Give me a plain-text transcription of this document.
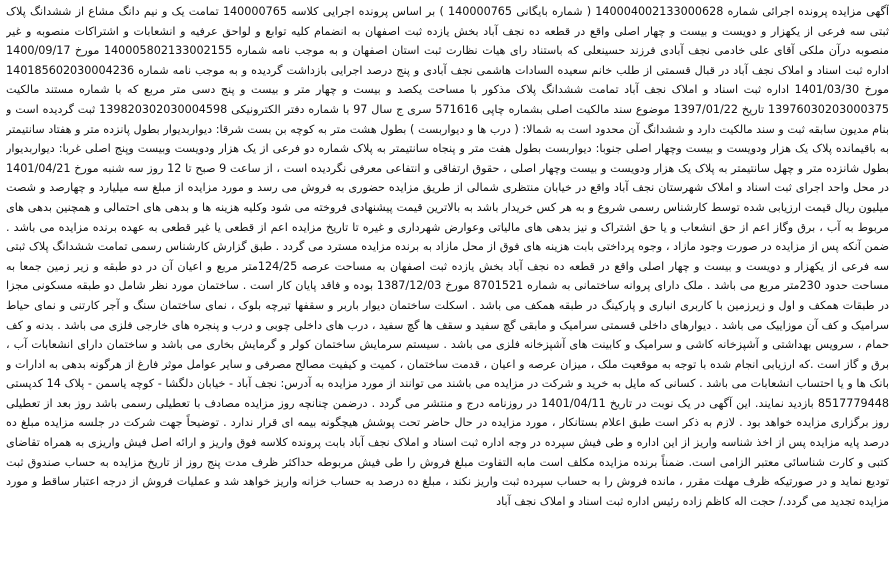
آگهی مزایده پرونده اجرائی شماره 140004002133000628 ( شماره بایگانی 140000765 ) بر اساس پرونده اجرایی کلاسه 140000765 تمامت یک و نیم دانگ مشاع از ششدانگ پلاک ثبتی سه فرعی از یکهزار و دویست و بیست و چهار اصلی واقع در قطعه ده نجف آباد بخش یازده ثبت اصفهان به انضمام کلیه توابع و لواحق عرفیه و انشعابات و اشتراکات منصوبه و غیر منصوبه درآن ملکی آقای علی خادمی نجف آبادی فرزند حسینعلی که باستناد رای هیات نظارت ثبت استان اصفهان و به موجب نامه شماره 140005802133002155 مورخ 1400/09/17 اداره ثبت اسناد و املاک نجف آباد در قبال قسمتی از طلب خانم سعیده السادات هاشمی نجف آبادی و پنج درصد اجرایی بازداشت گردیده و به موجب نامه شماره 140185602030004236 مورخ 1401/03/30 اداره ثبت اسناد و املاک نجف آباد تمامت ششدانگ پلاک مذکور با مساحت یکصد و بیست و چهار متر و بیست و پنج دسی متر مربع که با شماره مستند مالکیت 13976030203000375 تاریخ 1397/01/22 موضوع سند مالکیت اصلی بشماره چاپی 571616 سری ج سال 97 با شماره دفتر الکترونیکی 139820302030004598 ثبت گردیده است و بنام مدیون سابقه ثبت و سند مالکیت دارد و ششدانگ آن محدود است به شمالا: ( درب ها و دیواربست ) بطول هشت متر به کوچه بن بست شرقا: دیواربدیوار بطول پانزده متر و هفتاد سانتیمتر به باقیمانده پلاک یک هزار ودویست و بیست وچهار اصلی جنوبا: دیواربست بطول هفت متر و پنجاه سانتیمتر به پلاک شماره دو فرعی از یک هزار ودویست وبیست وپنج اصلی غربا: دیواربدیوار بطول شانزده متر و چهل سانتیمتر به پلاک یک هزار ودویست و بیست وچهار اصلی ، حقوق ارتفاقی و انتفاعی معرفی نگردیده است ، از ساعت 9 صبح تا 12 روز سه شنبه مورخ 1401/04/21 در محل واحد اجرای ثبت اسناد و املاک شهرستان نجف آباد واقع در خیابان منتظری شمالی از طریق مزایده حضوری به فروش می رسد و مورد مزایده از مبلغ سه میلیارد و چهارصد و شصت میلیون ریال قیمت ارزیابی شده توسط کارشناس رسمی شروع و به هر کس خریدار باشد به بالاترین قیمت پیشنهادی فروخته می شود وکلیه هزینه ها و بدهی های احتمالی و همچنین بدهی های مربوط به آب ، برق وگاز اعم از حق انشعاب و یا حق اشتراک و نیز بدهی های مالیاتی وعوارض شهرداری و غیره تا تاریخ مزایده اعم از قطعی یا غیر قطعی به عهده برنده مزایده می باشد . ضمن آنکه پس از مزایده در صورت وجود مازاد ، وجوه پرداختی بابت هزینه های فوق از محل مازاد به برنده مزایده مسترد می گردد . طبق گزارش کارشناس رسمی تمامت ششدانگ پلاک ثبتی سه فرعی از یکهزار و دویست و بیست و چهار اصلی واقع در قطعه ده نجف آباد بخش یازده ثبت اصفهان به مساحت عرصه 124/25متر مربع و اعیان آن در دو طبقه و زیر زمین جمعا به مساحت حدود 230متر مربع می باشد . ملک دارای پروانه ساختمانی به شماره 8701521 مورخ 1387/12/03 بوده و فاقد پایان کار است . ساختمان مورد نظر شامل دو طبقه مسکونی مجزا در طبقات همکف و اول و زیرزمین با کاربری انباری و پارکینگ در طبقه همکف می باشد . اسکلت ساختمان دیوار باربر و سقفها تیرچه بلوک ، نمای ساختمان سنگ و آجر کارتنی و نمای حیاط سرامیک و کف آن موزاییک می باشد . دیوارهای داخلی قسمتی سرامیک و مابقی گچ سفید و سقف ها گچ سفید ، درب های داخلی چوبی و درب و پنجره های خارجی فلزی می باشد . بدنه و کف حمام ، سرویس بهداشتی و آشپزخانه کاشی و سرامیک و کابینت های آشپزخانه فلزی می باشد . سیستم سرمایش ساختمان کولر و گرمایش بخاری می باشد و ساختمان دارای انشعابات آب ، برق و گاز است .که ارزیابی انجام شده با توجه به موقعیت ملک ، میزان عرصه و اعیان ، قدمت ساختمان ، کمیت و کیفیت مصالح مصرفی و سایر عوامل موثر فارغ از هرگونه بدهی به ادارات و بانک ها و یا احتساب انشعابات می باشد . کسانی که مایل به خرید و شرکت در مزایده می باشند می توانند از مورد مزایده به آدرس: نجف آباد - خیابان دلگشا - کوچه یاسمن - پلاک 14 کدپستی 8517779448 بازدید نمایند. این آگهی در یک نوبت در تاریخ 1401/04/11 در روزنامه درج و منتشر می گردد . درضمن چنانچه روز مزایده مصادف با تعطیلی رسمی باشد روز بعد از تعطیلی روز برگزاری مزایده خواهد بود . لازم به ذکر است طبق اعلام بستانکار ، مورد مزایده در حال حاضر تحت پوشش هیچگونه بیمه ای قرار ندارد . توضیحاً جهت شرکت در جلسه مزایده مبلغ ده درصد پایه مزایده پس از اخذ شناسه واریز از این اداره و طی فیش سپرده در وجه اداره ثبت اسناد و املاک نجف آباد بابت پرونده کلاسه فوق واریز و ارائه اصل فیش واریزی به همراه تقاضای کتبی و کارت شناسائی معتبر الزامی است. ضمناً برنده مزایده مکلف است مابه التفاوت مبلغ فروش را طی فیش مربوطه حداکثر ظرف مدت پنج روز از تاریخ مزایده به حساب صندوق ثبت تودیع نماید و در صورتیکه ظرف مهلت مقرر ، مانده فروش را به حساب سپرده ثبت واریز نکند ، مبلغ ده درصد به حساب خزانه واریز خواهد شد و عملیات فروش از درجه اعتبار ساقط و مورد مزایده تجدید می گردد./ حجت اله کاظم زاده رئیس اداره ثبت اسناد و املاک نجف آباد
